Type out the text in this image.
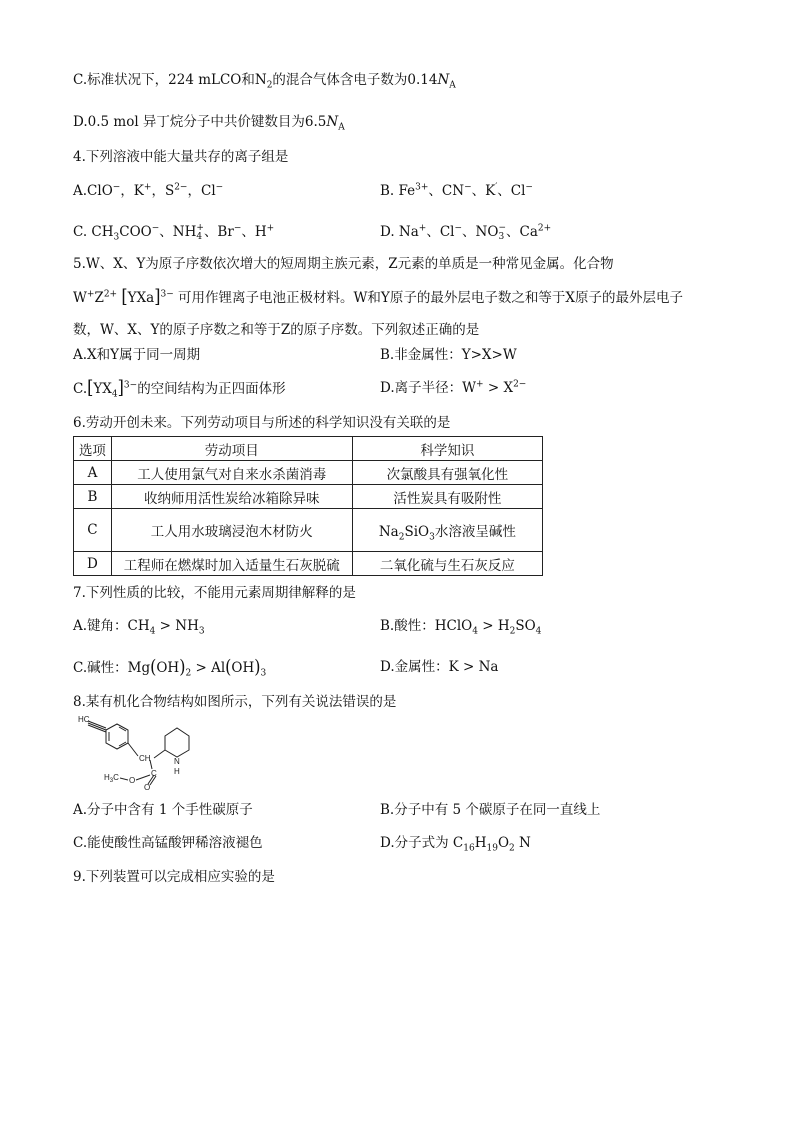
C.标准状况下，224 mLCO和$N_2$的混合气体含电子数为$0.14N_A$
D.0.5 mol 异丁烷分子中共价键数目为$6.5N_A$
4.下列溶液中能大量共存的离子组是
A.ClO−，K+，$S^{2-}$，Cl−	B. $Fe^{3+}$、CN−、K′、Cl−
C. $CH_3COO^-$、NH +
4 、Br−、H+	D. Na+、Cl−、NO −
3 、$Ca^{2+}$
5.W、X、Y为原子序数依次增大的短周期主族元素，Z元素的单质是一种常见金属。化合物
$W^+Z^{2+}$ [YXa]$^{3-}$ 可用作锂离子电池正极材料。W和Y原子的最外层电子数之和等于X原子的最外层电子
数，W、X、Y的原子序数之和等于Z的原子序数。下列叙述正确的是
A.X和Y属于同一周期	B.非金属性：Y>X>W
$C.[YX_4]^{3-}$的空间结构为正四面体形	D.离子半径：$W^+ > X^{2-}$
6.劳动开创未来。下列劳动项目与所述的科学知识没有关联的是
选项	劳动项目	科学知识
A	工人使用氯气对自来水杀菌消毒	次氯酸具有强氧化性
B	收纳师用活性炭给冰箱除异味	活性炭具有吸附性
C	工人用水玻璃浸泡木材防火	$Na_2SiO_3$水溶液呈碱性
D	工程师在燃煤时加入适量生石灰脱硫	二氧化硫与生石灰反应
7.下列性质的比较，不能用元素周期律解释的是
A.键角：$CH_4 > NH_3$	B.酸性：HClO$_4$ > $H_2SO_4$
C.碱性：$Mg(OH)_2 > Al(OH)_3$	D.金属性：K > Na
8.某有机化合物结构如图所示，下列有关说法错误的是
HC
CH
C
O
O
$H_3C$
N
H
A.分子中含有 1 个手性碳原子	B.分子中有 5 个碳原子在同一直线上
C.能使酸性高锰酸钾稀溶液褪色	D.分子式为 $C_{16}H_{19}O_2$ N
9.下列装置可以完成相应实验的是
